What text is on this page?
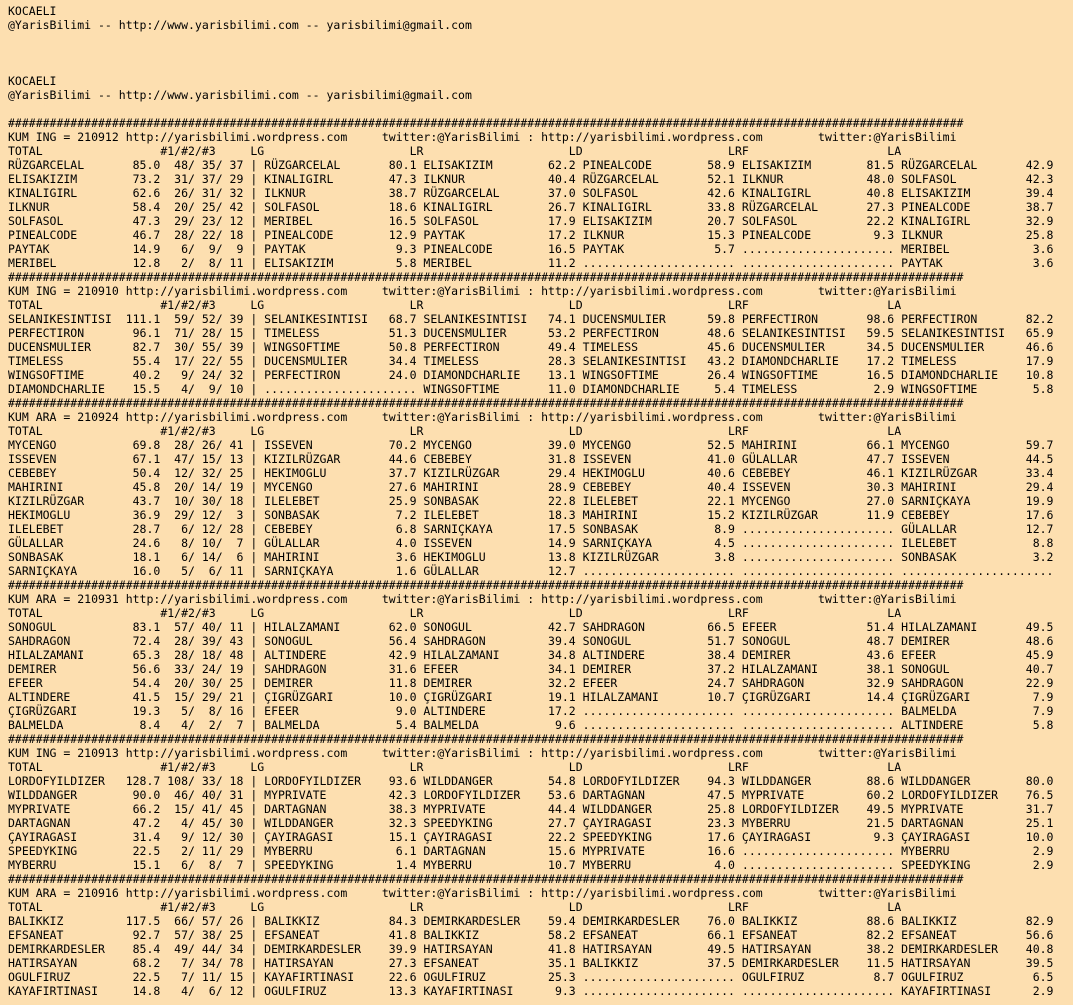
KOCAELI
@YarisBilimi -- http://www.yarisbilimi.com -- yarisbilimi@gmail.com
KOCAELI
@YarisBilimi -- http://www.yarisbilimi.com -- yarisbilimi@gmail.com
##########################################################################################################################################
KUM ING = 210912 http://yarisbilimi.wordpress.com     twitter:@YarisBilimi : http://yarisbilimi.wordpress.com        twitter:@YarisBilimi
TOTAL                 #1/#2/#3     LG                     LR                     LD                     LRF                    LA
RÜZGARCELAL       85.0  48/ 35/ 37 | RÜZGARCELAL       80.1 ELISAKIZIM        62.2 PINEALCODE        58.9 ELISAKIZIM        81.5 RÜZGARCELAL       42.9
ELISAKIZIM        73.2  31/ 37/ 29 | KINALIGIRL        47.3 ILKNUR            40.4 RÜZGARCELAL       52.1 ILKNUR            48.0 SOLFASOL          42.3
KINALIGIRL        62.6  26/ 31/ 32 | ILKNUR            38.7 RÜZGARCELAL       37.0 SOLFASOL          42.6 KINALIGIRL        40.8 ELISAKIZIM        39.4
ILKNUR            58.4  20/ 25/ 42 | SOLFASOL          18.6 KINALIGIRL        26.7 KINALIGIRL        33.8 RÜZGARCELAL       27.3 PINEALCODE        38.7
SOLFASOL          47.3  29/ 23/ 12 | MERIBEL           16.5 SOLFASOL          17.9 ELISAKIZIM        20.7 SOLFASOL          22.2 KINALIGIRL        32.9
PINEALCODE        46.7  28/ 22/ 18 | PINEALCODE        12.9 PAYTAK            17.2 ILKNUR            15.3 PINEALCODE         9.3 ILKNUR            25.8
PAYTAK            14.9   6/  9/  9 | PAYTAK             9.3 PINEALCODE        16.5 PAYTAK             5.7 ...................... MERIBEL            3.6
MERIBEL           12.8   2/  8/ 11 | ELISAKIZIM         5.8 MERIBEL           11.2 ...................... ...................... PAYTAK             3.6
##########################################################################################################################################
KUM ING = 210910 http://yarisbilimi.wordpress.com     twitter:@YarisBilimi : http://yarisbilimi.wordpress.com        twitter:@YarisBilimi
TOTAL                 #1/#2/#3     LG                     LR                     LD                     LRF                    LA
SELANIKESINTISI  111.1  59/ 52/ 39 | SELANIKESINTISI   68.7 SELANIKESINTISI   74.1 DUCENSMULIER      59.8 PERFECTIRON       98.6 PERFECTIRON       82.2
PERFECTIRON       96.1  71/ 28/ 15 | TIMELESS          51.3 DUCENSMULIER      53.2 PERFECTIRON       48.6 SELANIKESINTISI   59.5 SELANIKESINTISI   65.9
DUCENSMULIER      82.7  30/ 55/ 39 | WINGSOFTIME       50.8 PERFECTIRON       49.4 TIMELESS          45.6 DUCENSMULIER      34.5 DUCENSMULIER      46.6
TIMELESS          55.4  17/ 22/ 55 | DUCENSMULIER      34.4 TIMELESS          28.3 SELANIKESINTISI   43.2 DIAMONDCHARLIE    17.2 TIMELESS          17.9
WINGSOFTIME       40.2   9/ 24/ 32 | PERFECTIRON       24.0 DIAMONDCHARLIE    13.1 WINGSOFTIME       26.4 WINGSOFTIME       16.5 DIAMONDCHARLIE    10.8
DIAMONDCHARLIE    15.5   4/  9/ 10 | ...................... WINGSOFTIME       11.0 DIAMONDCHARLIE     5.4 TIMELESS           2.9 WINGSOFTIME        5.8
##########################################################################################################################################
KUM ARA = 210924 http://yarisbilimi.wordpress.com     twitter:@YarisBilimi : http://yarisbilimi.wordpress.com        twitter:@YarisBilimi
TOTAL                 #1/#2/#3     LG                     LR                     LD                     LRF                    LA
MYCENGO           69.8  28/ 26/ 41 | ISSEVEN           70.2 MYCENGO           39.0 MYCENGO           52.5 MAHIRINI          66.1 MYCENGO           59.7
ISSEVEN           67.1  47/ 15/ 13 | KIZILRÜZGAR       44.6 CEBEBEY           31.8 ISSEVEN           41.0 GÜLALLAR          47.7 ISSEVEN           44.5
CEBEBEY           50.4  12/ 32/ 25 | HEKIMOGLU         37.7 KIZILRÜZGAR       29.4 HEKIMOGLU         40.6 CEBEBEY           46.1 KIZILRÜZGAR       33.4
MAHIRINI          45.8  20/ 14/ 19 | MYCENGO           27.6 MAHIRINI          28.9 CEBEBEY           40.4 ISSEVEN           30.3 MAHIRINI          29.4
KIZILRÜZGAR       43.7  10/ 30/ 18 | ILELEBET          25.9 SONBASAK          22.8 ILELEBET          22.1 MYCENGO           27.0 SARNIÇKAYA        19.9
HEKIMOGLU         36.9  29/ 12/  3 | SONBASAK           7.2 ILELEBET          18.3 MAHIRINI          15.2 KIZILRÜZGAR       11.9 CEBEBEY           17.6
ILELEBET          28.7   6/ 12/ 28 | CEBEBEY            6.8 SARNIÇKAYA        17.5 SONBASAK           8.9 ...................... GÜLALLAR          12.7
GÜLALLAR          24.6   8/ 10/  7 | GÜLALLAR           4.0 ISSEVEN           14.9 SARNIÇKAYA         4.5 ...................... ILELEBET           8.8
SONBASAK          18.1   6/ 14/  6 | MAHIRINI           3.6 HEKIMOGLU         13.8 KIZILRÜZGAR        3.8 ...................... SONBASAK           3.2
SARNIÇKAYA        16.0   5/  6/ 11 | SARNIÇKAYA         1.6 GÜLALLAR          12.7 ...................... ...................... ......................
##########################################################################################################################################
KUM ARA = 210931 http://yarisbilimi.wordpress.com     twitter:@YarisBilimi : http://yarisbilimi.wordpress.com        twitter:@YarisBilimi
TOTAL                 #1/#2/#3     LG                     LR                     LD                     LRF                    LA
SONOGUL           83.1  57/ 40/ 11 | HILALZAMANI       62.0 SONOGUL           42.7 SAHDRAGON         66.5 EFEER             51.4 HILALZAMANI       49.5
SAHDRAGON         72.4  28/ 39/ 43 | SONOGUL           56.4 SAHDRAGON         39.4 SONOGUL           51.7 SONOGUL           48.7 DEMIRER           48.6
HILALZAMANI       65.3  28/ 18/ 48 | ALTINDERE         42.9 HILALZAMANI       34.8 ALTINDERE         38.4 DEMIRER           43.6 EFEER             45.9
DEMIRER           56.6  33/ 24/ 19 | SAHDRAGON         31.6 EFEER             34.1 DEMIRER           37.2 HILALZAMANI       38.1 SONOGUL           40.7
EFEER             54.4  20/ 30/ 25 | DEMIRER           11.8 DEMIRER           32.2 EFEER             24.7 SAHDRAGON         32.9 SAHDRAGON         22.9
ALTINDERE         41.5  15/ 29/ 21 | ÇIGRÜZGARI        10.0 ÇIGRÜZGARI        19.1 HILALZAMANI       10.7 ÇIGRÜZGARI        14.4 ÇIGRÜZGARI         7.9
ÇIGRÜZGARI        19.3   5/  8/ 16 | EFEER              9.0 ALTINDERE         17.2 ...................... ...................... BALMELDA           7.9
BALMELDA           8.4   4/  2/  7 | BALMELDA           5.4 BALMELDA           9.6 ...................... ...................... ALTINDERE          5.8
##########################################################################################################################################
KUM ING = 210913 http://yarisbilimi.wordpress.com     twitter:@YarisBilimi : http://yarisbilimi.wordpress.com        twitter:@YarisBilimi
TOTAL                 #1/#2/#3     LG                     LR                     LD                     LRF                    LA
LORDOFYILDIZER   128.7 108/ 33/ 18 | LORDOFYILDIZER    93.6 WILDDANGER        54.8 LORDOFYILDIZER    94.3 WILDDANGER        88.6 WILDDANGER        80.0
WILDDANGER        90.0  46/ 40/ 31 | MYPRIVATE         42.3 LORDOFYILDIZER    53.6 DARTAGNAN         47.5 MYPRIVATE         60.2 LORDOFYILDIZER    76.5
MYPRIVATE         66.2  15/ 41/ 45 | DARTAGNAN         38.3 MYPRIVATE         44.4 WILDDANGER        25.8 LORDOFYILDIZER    49.5 MYPRIVATE         31.7
DARTAGNAN         47.2   4/ 45/ 30 | WILDDANGER        32.3 SPEEDYKING        27.7 ÇAYIRAGASI        23.3 MYBERRU           21.5 DARTAGNAN         25.1
ÇAYIRAGASI        31.4   9/ 12/ 30 | ÇAYIRAGASI        15.1 ÇAYIRAGASI        22.2 SPEEDYKING        17.6 ÇAYIRAGASI         9.3 ÇAYIRAGASI        10.0
SPEEDYKING        22.5   2/ 11/ 29 | MYBERRU            6.1 DARTAGNAN         15.6 MYPRIVATE         16.6 ...................... MYBERRU            2.9
MYBERRU           15.1   6/  8/  7 | SPEEDYKING         1.4 MYBERRU           10.7 MYBERRU            4.0 ...................... SPEEDYKING         2.9
##########################################################################################################################################
KUM ARA = 210916 http://yarisbilimi.wordpress.com     twitter:@YarisBilimi : http://yarisbilimi.wordpress.com        twitter:@YarisBilimi
TOTAL                 #1/#2/#3     LG                     LR                     LD                     LRF                    LA
BALIKKIZ         117.5  66/ 57/ 26 | BALIKKIZ          84.3 DEMIRKARDESLER    59.4 DEMIRKARDESLER    76.0 BALIKKIZ          88.6 BALIKKIZ          82.9
EFSANEAT          92.7  57/ 38/ 25 | EFSANEAT          41.8 BALIKKIZ          58.2 EFSANEAT          66.1 EFSANEAT          82.2 EFSANEAT          56.6
DEMIRKARDESLER    85.4  49/ 44/ 34 | DEMIRKARDESLER    39.9 HATIRSAYAN        41.8 HATIRSAYAN        49.5 HATIRSAYAN        38.2 DEMIRKARDESLER    40.8
HATIRSAYAN        68.2   7/ 34/ 78 | HATIRSAYAN        27.3 EFSANEAT          35.1 BALIKKIZ          37.5 DEMIRKARDESLER    11.5 HATIRSAYAN        39.5
OGULFIRUZ         22.5   7/ 11/ 15 | KAYAFIRTINASI     22.6 OGULFIRUZ         25.3 ...................... OGULFIRUZ          8.7 OGULFIRUZ          6.5
KAYAFIRTINASI     14.8   4/  6/ 12 | OGULFIRUZ         13.3 KAYAFIRTINASI      9.3 ...................... ...................... KAYAFIRTINASI      2.9
